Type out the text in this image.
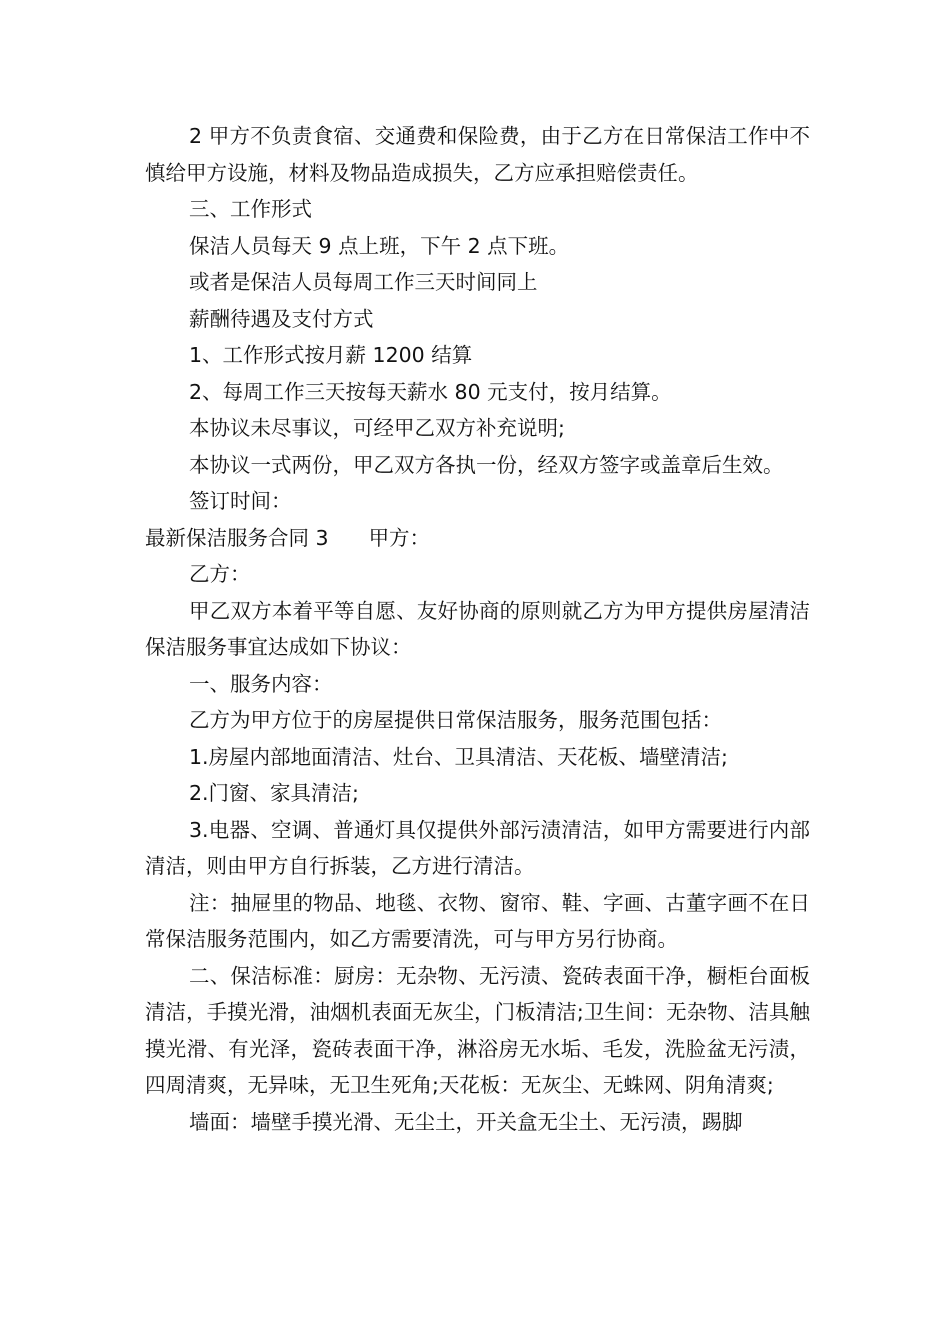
2 甲方不负责食宿、交通费和保险费，由于乙方在日常保洁工作中不慎给甲方设施，材料及物品造成损失，乙方应承担赔偿责任。

三、工作形式

保洁人员每天 9 点上班，下午 2 点下班。

或者是保洁人员每周工作三天时间同上

薪酬待遇及支付方式

1、工作形式按月薪 1200 结算

2、每周工作三天按每天薪水 80 元支付，按月结算。

本协议未尽事议，可经甲乙双方补充说明;

本协议一式两份，甲乙双方各执一份，经双方签字或盖章后生效。

签订时间：

最新保洁服务合同 3 甲方：

乙方：

甲乙双方本着平等自愿、友好协商的原则就乙方为甲方提供房屋清洁保洁服务事宜达成如下协议：

一、服务内容：

乙方为甲方位于的房屋提供日常保洁服务，服务范围包括：

1.房屋内部地面清洁、灶台、卫具清洁、天花板、墙壁清洁;

2.门窗、家具清洁;

3.电器、空调、普通灯具仅提供外部污渍清洁，如甲方需要进行内部清洁，则由甲方自行拆装，乙方进行清洁。

注：抽屉里的物品、地毯、衣物、窗帘、鞋、字画、古董字画不在日常保洁服务范围内，如乙方需要清洗，可与甲方另行协商。

二、保洁标准：厨房：无杂物、无污渍、瓷砖表面干净，橱柜台面板清洁，手摸光滑，油烟机表面无灰尘，门板清洁;卫生间：无杂物、洁具触摸光滑、有光泽，瓷砖表面干净，淋浴房无水垢、毛发，洗脸盆无污渍，四周清爽，无异味，无卫生死角;天花板：无灰尘、无蛛网、阴角清爽;

墙面：墙壁手摸光滑、无尘土，开关盒无尘土、无污渍，踢脚
